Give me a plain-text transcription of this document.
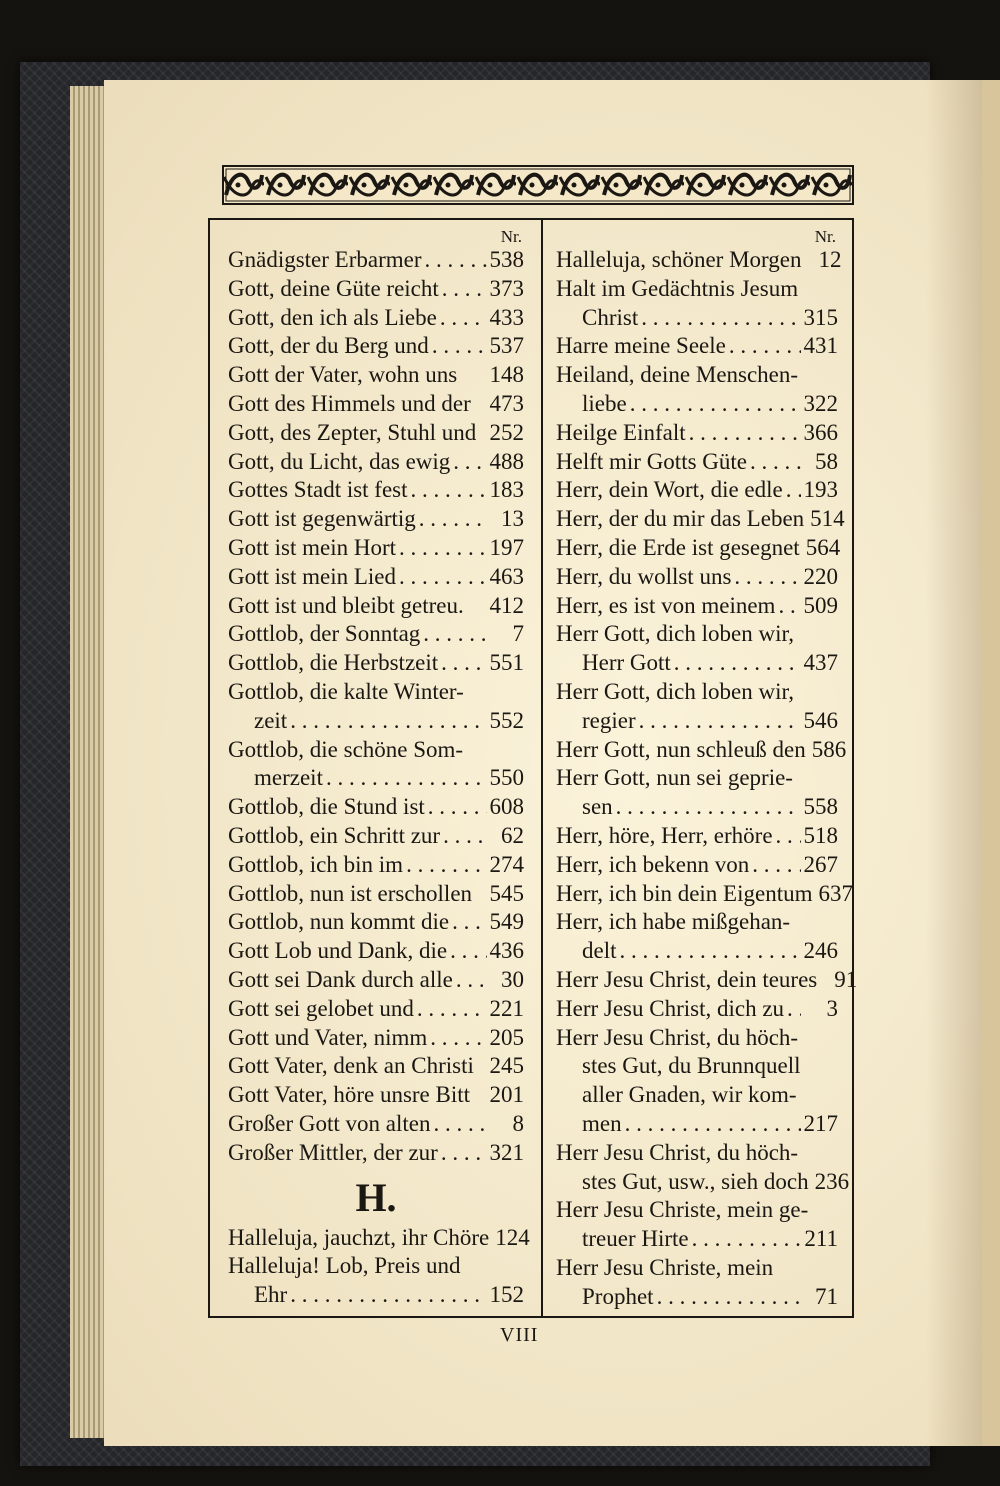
Nr.
Gnädigster Erbarmer . . .	538
Gott, deine Güte reicht . . . 373
Gott, den ich als Liebe . . . 433
Gott, der du Berg und . . .	537
Gott der Vater, wohn uns 148
Gott des Himmels und der 473
Gott, des Zepter, Stuhl und 252
Gott, du Licht, das ewig . . . 488
Gottes Stadt ist fest . . .	183
Gott ist gegenwärtig . . .	13
Gott ist mein Hort . . .	197
Gott ist mein Lied . . .	463
Gott ist und bleibt getreu. 412
Gottlob, der Sonntag . . .	7
Gottlob, die Herbstzeit . . . 551
Gottlob, die kalte Winter-
zeit . . .	552
Gottlob, die schöne Som-
merzeit . . .	550
Gottlob, die Stund ist . . .	608
Gottlob, ein Schritt zur . . .	62
Gottlob, ich bin im . . .	274
Gottlob, nun ist erschollen 545
Gottlob, nun kommt die . . . 549
Gott Lob und Dank, die . . . 436
Gott sei Dank durch alle . . .	30
Gott sei gelobet und . . .	221
Gott und Vater, nimm . . .	205
Gott Vater, denk an Christi 245
Gott Vater, höre unsre Bitt 201
Großer Gott von alten . . .	8
Großer Mittler, der zur . . . 321
H.
Halleluja, jauchzt, ihr Chöre 124
Halleluja! Lob, Preis und
Ehr . . .	152
Nr.
Halleluja, schöner Morgen 12
Halt im Gedächtnis Jesum
Christ . . .	315
Harre meine Seele . . .	431
Heiland, deine Menschen-
liebe . . .	322
Heilge Einfalt . . .	366
Helft mir Gotts Güte . . .	58
Herr, dein Wort, die edle . . . 193
Herr, der du mir das Leben 514
Herr, die Erde ist gesegnet 564
Herr, du wollst uns . . .	220
Herr, es ist von meinem . . . 509
Herr Gott, dich loben wir,
Herr Gott . . .	437
Herr Gott, dich loben wir,
regier . . .	546
Herr Gott, nun schleuß den 586
Herr Gott, nun sei geprie-
sen . . .	558
Herr, höre, Herr, erhöre . . . 518
Herr, ich bekenn von . . . 267
Herr, ich bin dein Eigentum 637
Herr, ich habe mißgehan-
delt . . .	246
Herr Jesu Christ, dein teures 91
Herr Jesu Christ, dich zu . . .	3
Herr Jesu Christ, du höch-
stes Gut, du Brunnquell
aller Gnaden, wir kom-
men . . .	217
Herr Jesu Christ, du höch-
stes Gut, usw., sieh doch 236
Herr Jesu Christe, mein ge-
treuer Hirte . . .	211
Herr Jesu Christe, mein
Prophet . . .	71
VIII
